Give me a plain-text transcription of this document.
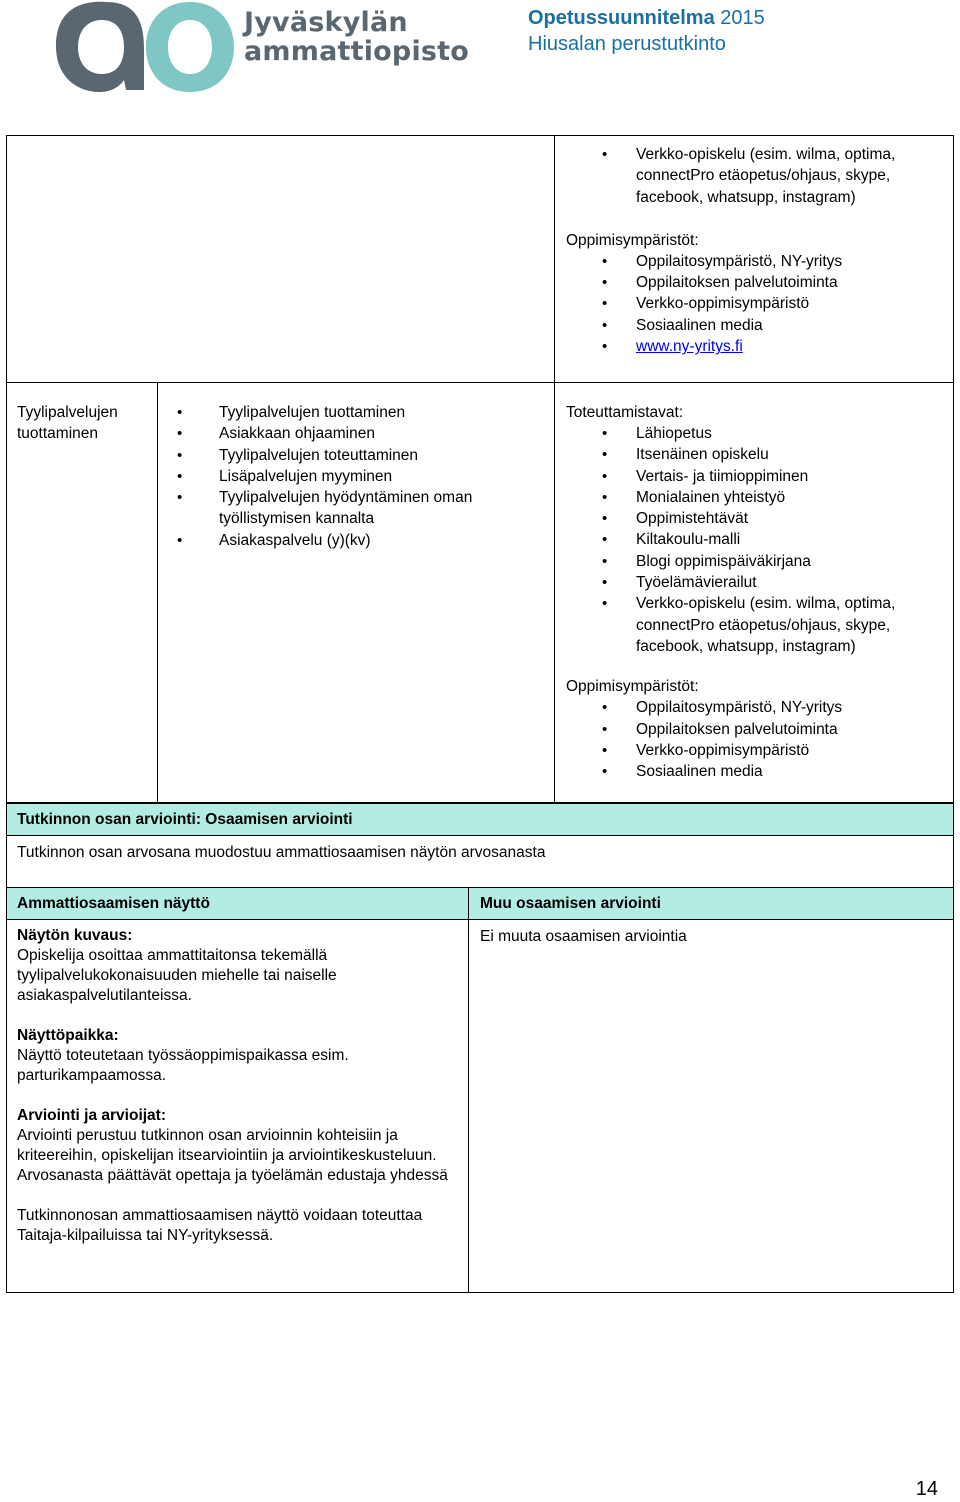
Jyväskylän
ammattiopisto
Opetussuunnitelma 2015
Hiusalan perustutkinto
• Verkko-opiskelu (esim. wilma, optima, connectPro etäopetus/ohjaus, skype, facebook, whatsupp, instagram)
Oppimisympäristöt:
• Oppilaitosympäristö, NY-yritys
• Oppilaitoksen palvelutoiminta
• Verkko-oppimisympäristö
• Sosiaalinen media
• www.ny-yritys.fi
Tyylipalvelujen tuottaminen
• Tyylipalvelujen tuottaminen
• Asiakkaan ohjaaminen
• Tyylipalvelujen toteuttaminen
• Lisäpalvelujen myyminen
• Tyylipalvelujen hyödyntäminen oman työllistymisen kannalta
• Asiakaspalvelu (y)(kv)
Toteuttamistavat:
• Lähiopetus
• Itsenäinen opiskelu
• Vertais- ja tiimioppiminen
• Monialainen yhteistyö
• Oppimistehtävät
• Kiltakoulu-malli
• Blogi oppimispäiväkirjana
• Työelämävierailut
• Verkko-opiskelu (esim. wilma, optima, connectPro etäopetus/ohjaus, skype, facebook, whatsupp, instagram)
Oppimisympäristöt:
• Oppilaitosympäristö, NY-yritys
• Oppilaitoksen palvelutoiminta
• Verkko-oppimisympäristö
• Sosiaalinen media
Tutkinnon osan arviointi: Osaamisen arviointi
Tutkinnon osan arvosana muodostuu ammattiosaamisen näytön arvosanasta
Ammattiosaamisen näyttö	Muu osaamisen arviointi
Ei muuta osaamisen arviointia
Näytön kuvaus:
Opiskelija osoittaa ammattitaitonsa tekemällä tyylipalvelukokonaisuuden miehelle tai naiselle asiakaspalvelutilanteissa.
Näyttöpaikka:
Näyttö toteutetaan työssäoppimispaikassa esim. parturikampaamossa.
Arviointi ja arvioijat:
Arviointi perustuu tutkinnon osan arvioinnin kohteisiin ja kriteereihin, opiskelijan itsearviointiin ja arviointikeskusteluun. Arvosanasta päättävät opettaja ja työelämän edustaja yhdessä
Tutkinnonosan ammattiosaamisen näyttö voidaan toteuttaa Taitaja-kilpailuissa tai NY-yrityksessä.
14
